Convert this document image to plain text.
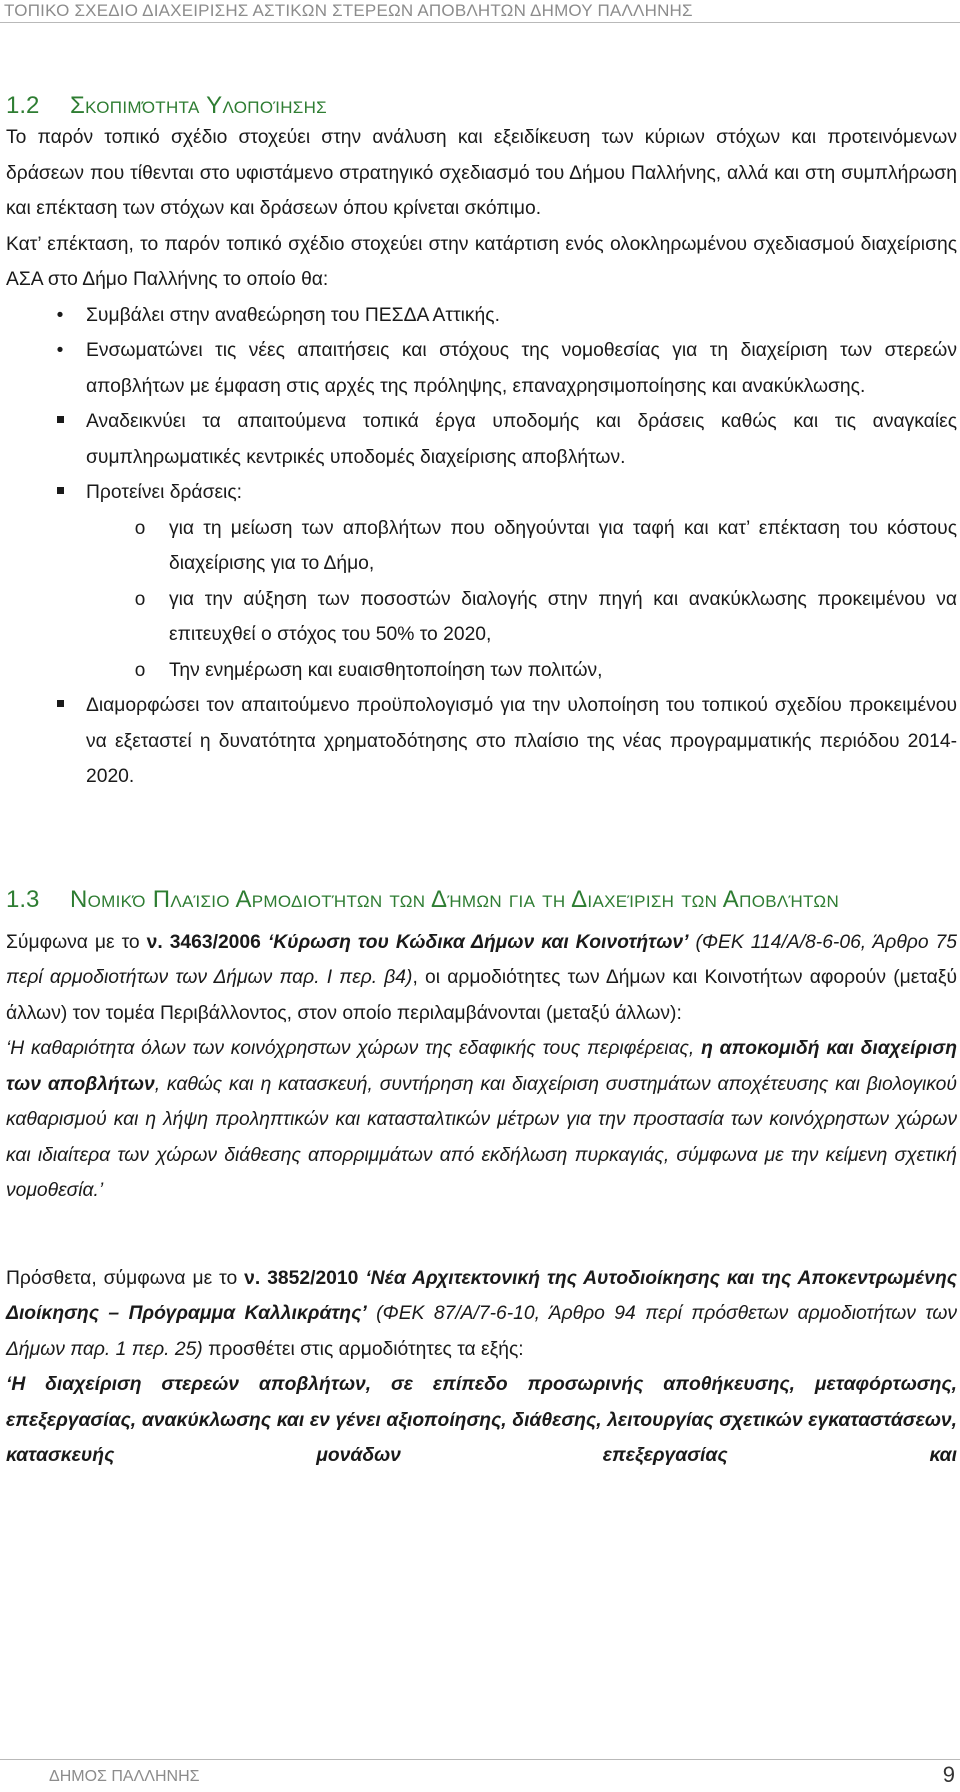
ΤΟΠΙΚΟ ΣΧΕΔΙΟ ΔΙΑΧΕΙΡΙΣΗΣ ΑΣΤΙΚΩΝ ΣΤΕΡΕΩΝ ΑΠΟΒΛΗΤΩΝ ΔΗΜΟΥ ΠΑΛΛΗΝΗΣ
1.2 Σκοπιμότητα Υλοποίησης

Το παρόν τοπικό σχέδιο στοχεύει στην ανάλυση και εξειδίκευση των κύριων στόχων και προτεινόμενων δράσεων που τίθενται στο υφιστάμενο στρατηγικό σχεδιασμό του Δήμου Παλλήνης, αλλά και στη συμπλήρωση και επέκταση των στόχων και δράσεων όπου κρίνεται σκόπιμο.

Κατ’ επέκταση, το παρόν τοπικό σχέδιο στοχεύει στην κατάρτιση ενός ολοκληρωμένου σχεδιασμού διαχείρισης ΑΣΑ στο Δήμο Παλλήνης το οποίο θα:

•	Συμβάλει στην αναθεώρηση του ΠΕΣΔΑ Αττικής.
•	Ενσωματώνει τις νέες απαιτήσεις και στόχους της νομοθεσίας για τη διαχείριση των στερεών αποβλήτων με έμφαση στις αρχές της πρόληψης, επαναχρησιμοποίησης και ανακύκλωσης.
Αναδεικνύει τα απαιτούμενα τοπικά έργα υποδομής και δράσεις καθώς και τις αναγκαίες συμπληρωματικές κεντρικές υποδομές διαχείρισης αποβλήτων.
Προτείνει δράσεις:
o για τη μείωση των αποβλήτων που οδηγούνται για ταφή και κατ’ επέκταση του κόστους διαχείρισης για το Δήμο,
o για την αύξηση των ποσοστών διαλογής στην πηγή και ανακύκλωσης προκειμένου να επιτευχθεί ο στόχος του 50% το 2020,
o Την ενημέρωση και ευαισθητοποίηση των πολιτών,
Διαμορφώσει τον απαιτούμενο προϋπολογισμό για την υλοποίηση του τοπικού σχεδίου προκειμένου να εξεταστεί η δυνατότητα χρηματοδότησης στο πλαίσιο της νέας προγραμματικής περιόδου 2014-2020.
1.3 Νομικό Πλαίσιο Αρμοδιοτήτων των Δήμων για τη Διαχείριση των Αποβλήτων

Σύμφωνα με το ν. 3463/2006 ‘Κύρωση του Κώδικα Δήμων και Κοινοτήτων’ (ΦΕΚ 114/Α/8-6-06, Άρθρο 75 περί αρμοδιοτήτων των Δήμων παρ. Ι περ. β4), οι αρμοδιότητες των Δήμων και Κοινοτήτων αφορούν (μεταξύ άλλων) τον τομέα Περιβάλλοντος, στον οποίο περιλαμβάνονται (μεταξύ άλλων):

‘Η καθαριότητα όλων των κοινόχρηστων χώρων της εδαφικής τους περιφέρειας, η αποκομιδή και διαχείριση των αποβλήτων, καθώς και η κατασκευή, συντήρηση και διαχείριση συστημάτων αποχέτευσης και βιολογικού καθαρισμού και η λήψη προληπτικών και κατασταλτικών μέτρων για την προστασία των κοινόχρηστων χώρων και ιδιαίτερα των χώρων διάθεσης απορριμμάτων από εκδήλωση πυρκαγιάς, σύμφωνα με την κείμενη σχετική νομοθεσία.’

Πρόσθετα, σύμφωνα με το ν. 3852/2010 ‘Νέα Αρχιτεκτονική της Αυτοδιοίκησης και της Αποκεντρωμένης Διοίκησης – Πρόγραμμα Καλλικράτης’ (ΦΕΚ 87/Α/7-6-10, Άρθρο 94 περί πρόσθετων αρμοδιοτήτων των Δήμων παρ. 1 περ. 25) προσθέτει στις αρμοδιότητες τα εξής:

‘Η διαχείριση στερεών αποβλήτων, σε επίπεδο προσωρινής αποθήκευσης, μεταφόρτωσης, επεξεργασίας, ανακύκλωσης και εν γένει αξιοποίησης, διάθεσης, λειτουργίας σχετικών εγκαταστάσεων, κατασκευής μονάδων επεξεργασίας και

ΔΗΜΟΣ ΠΑΛΛΗΝΗΣ	9
